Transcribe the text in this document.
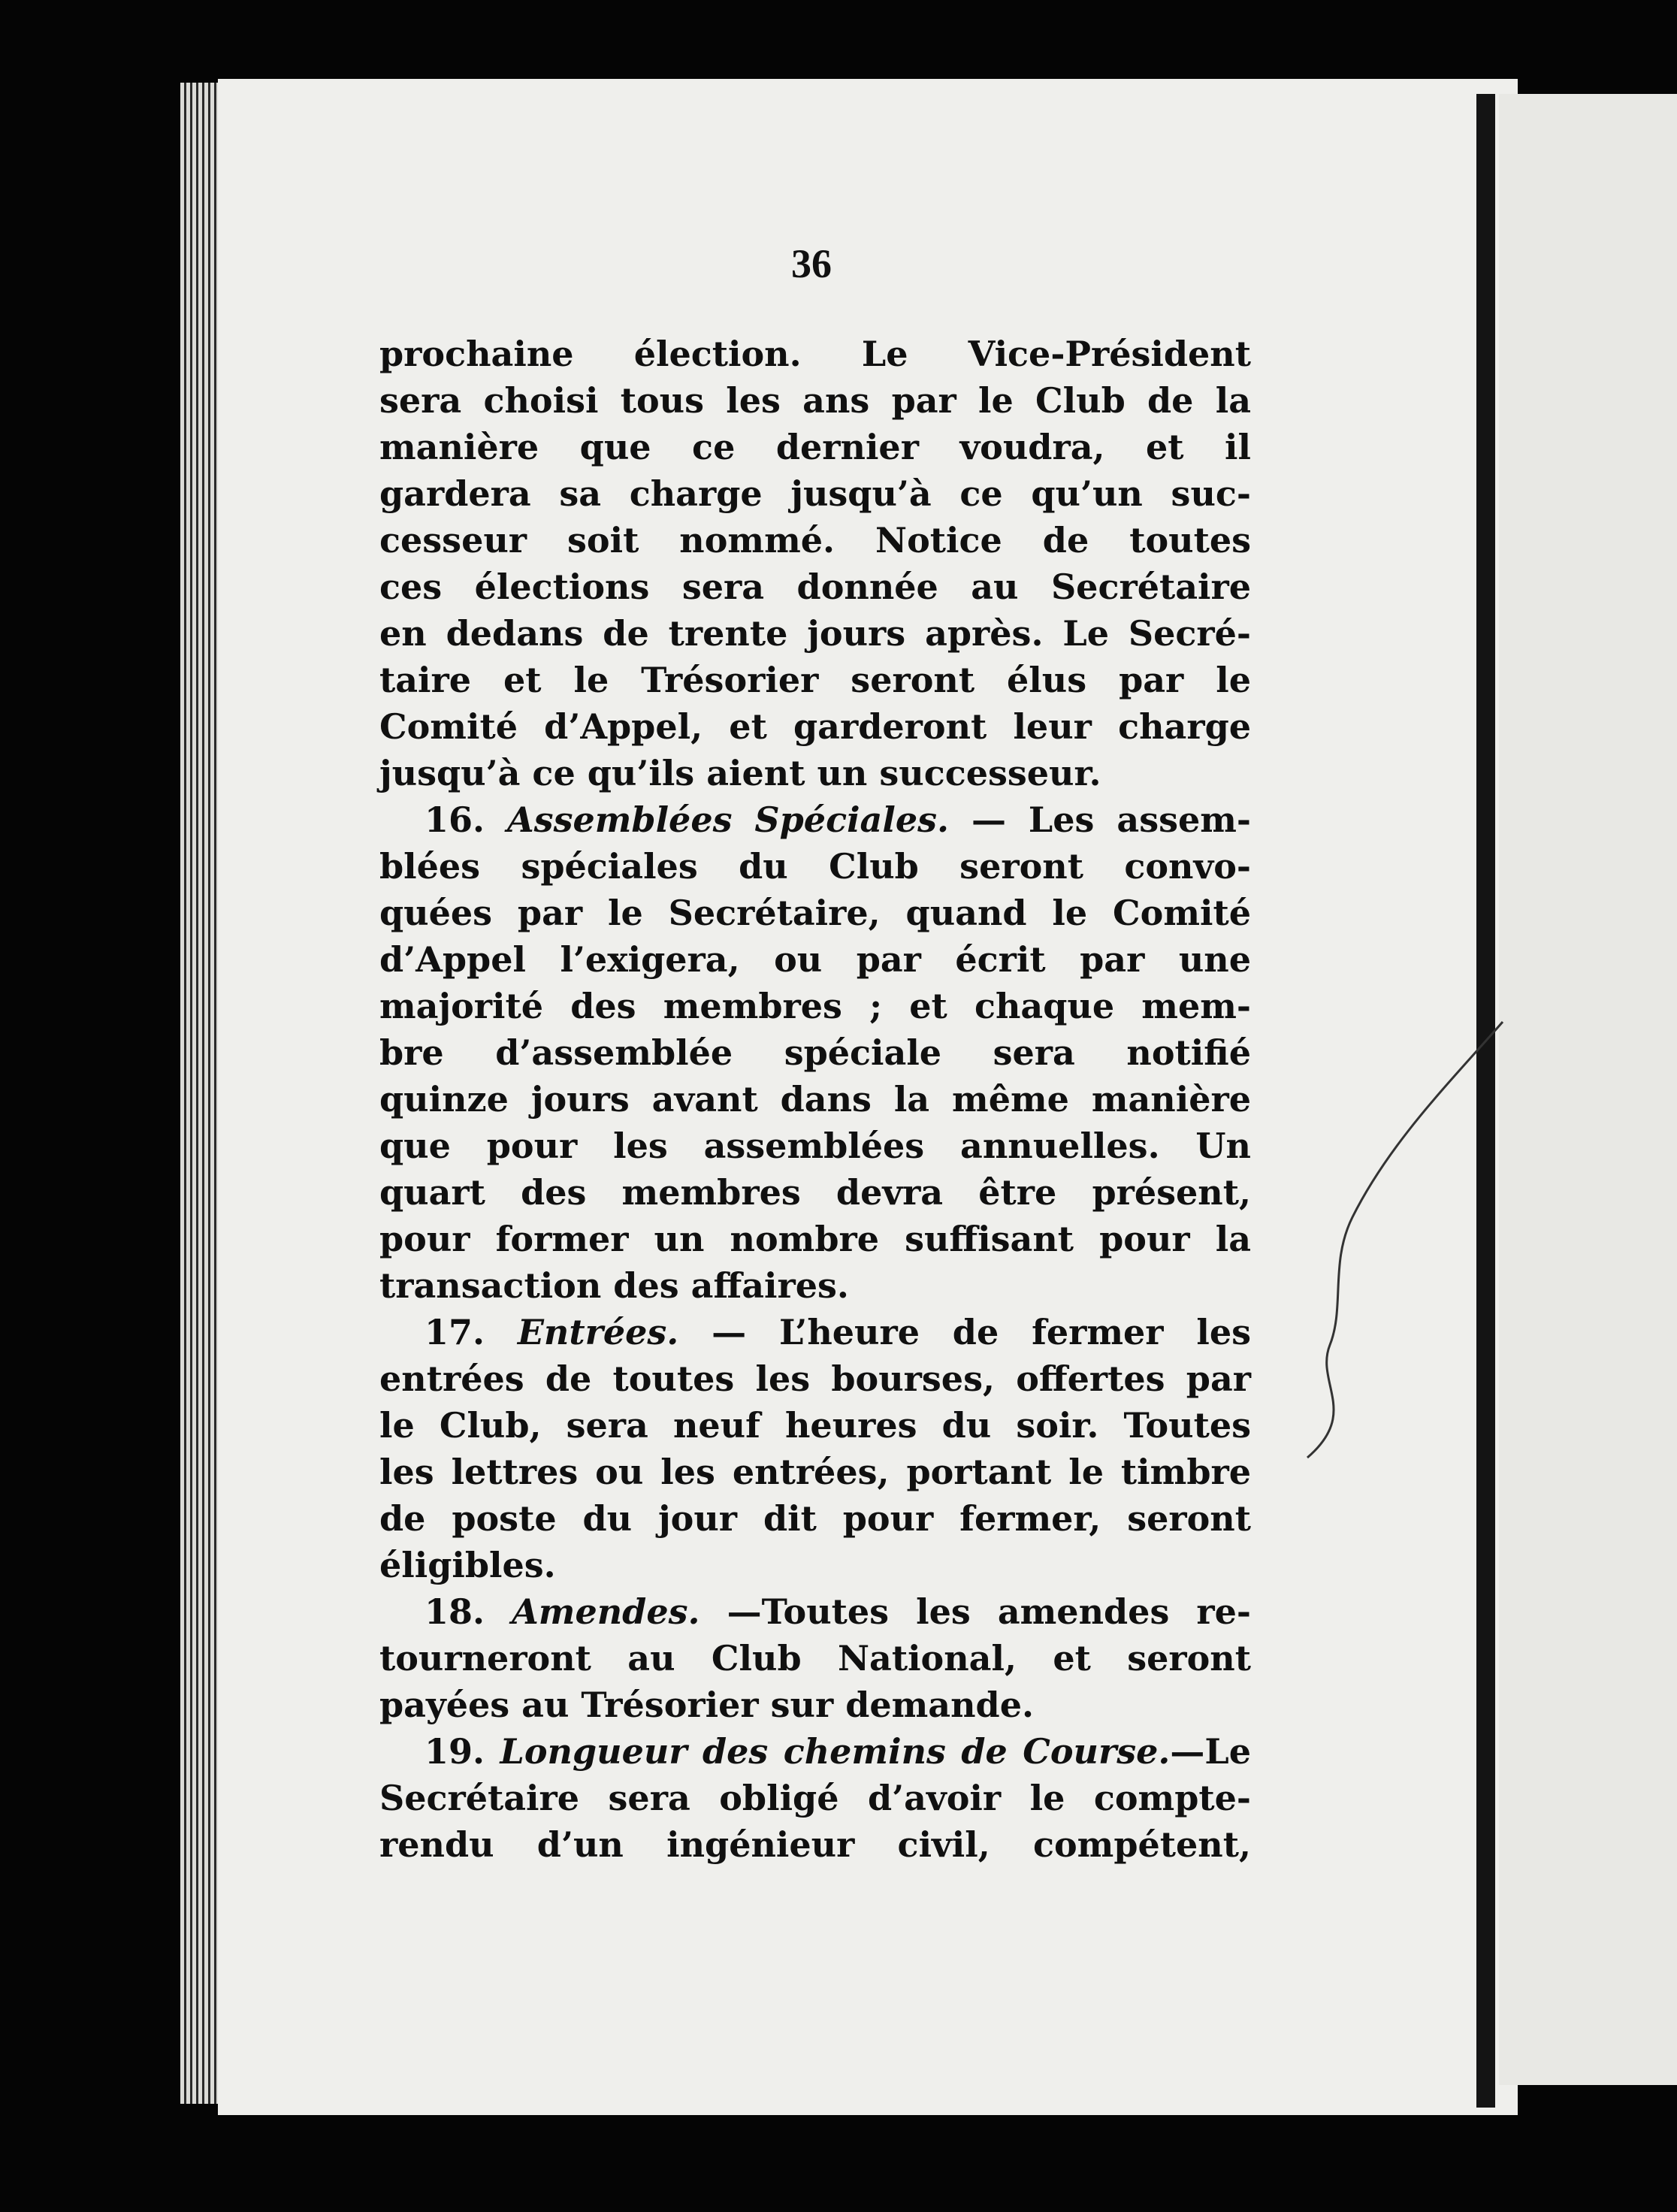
36
prochaine élection. Le Vice-Président
sera choisi tous les ans par le Club de la
manière que ce dernier voudra, et il
gardera sa charge jusqu’à ce qu’un suc-
cesseur soit nommé. Notice de toutes
ces élections sera donnée au Secrétaire
en dedans de trente jours après. Le Secré-
taire et le Trésorier seront élus par le
Comité d’Appel, et garderont leur charge
jusqu’à ce qu’ils aient un successeur.
16. Assemblées Spéciales. — Les assem-
blées spéciales du Club seront convo-
quées par le Secrétaire, quand le Comité
d’Appel l’exigera, ou par écrit par une
majorité des membres ; et chaque mem-
bre d’assemblée spéciale sera notifié
quinze jours avant dans la même manière
que pour les assemblées annuelles. Un
quart des membres devra être présent,
pour former un nombre suffisant pour la
transaction des affaires.
17. Entrées. — L’heure de fermer les
entrées de toutes les bourses, offertes par
le Club, sera neuf heures du soir. Toutes
les lettres ou les entrées, portant le timbre
de poste du jour dit pour fermer, seront
éligibles.
18. Amendes. —Toutes les amendes re-
tourneront au Club National, et seront
payées au Trésorier sur demande.
19. Longueur des chemins de Course.—Le
Secrétaire sera obligé d’avoir le compte-
rendu d’un ingénieur civil, compétent,
